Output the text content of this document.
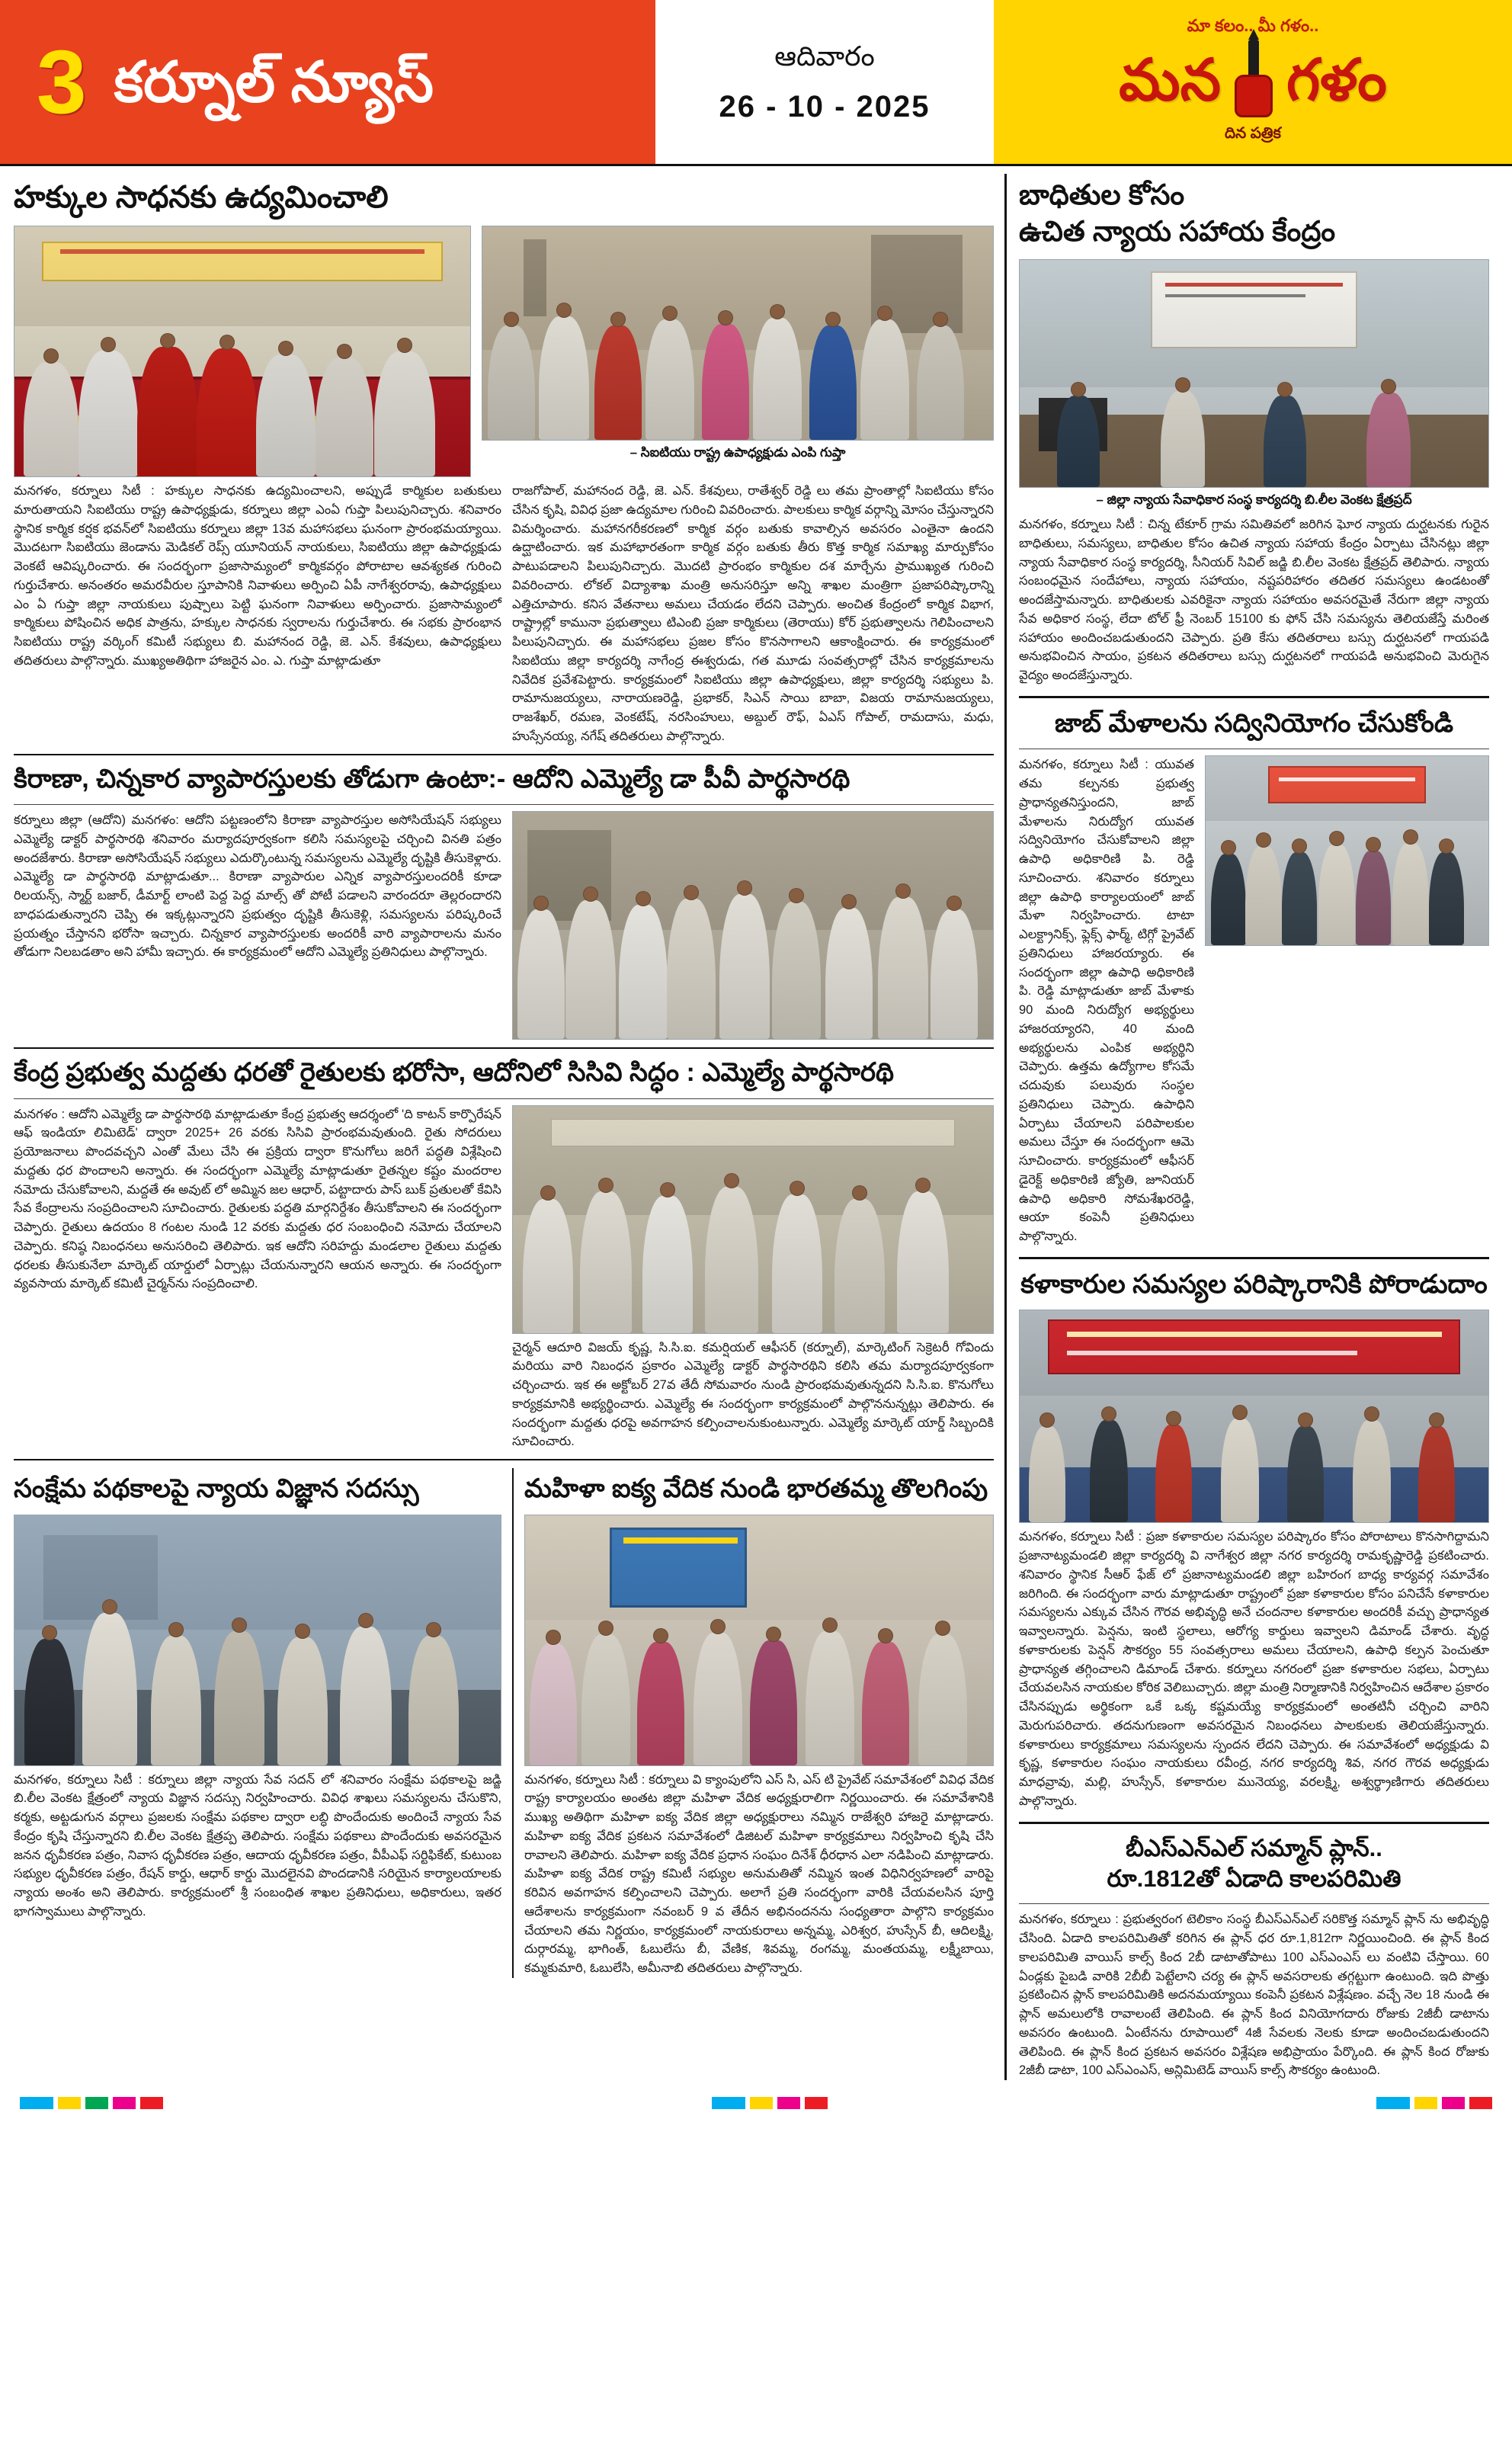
3 కర్నూల్ న్యూస్	ఆదివారం
26 - 10 - 2025
మా కలం.. మీ గళం..
మన గళం
దిన పత్రిక
హక్కుల సాధనకు ఉద్యమించాలి
– సిఐటియు రాష్ట్ర ఉపాధ్యక్షుడు ఎంపి గుప్తా
మనగళం, కర్నూలు సిటీ : హక్కుల సాధనకు ఉద్యమించాలని, అప్పుడే కార్మికుల బతుకులు మారుతాయని సిఐటియు రాష్ట్ర ఉపాధ్యక్షుడు, కర్నూలు జిల్లా ఎంఏ గుప్తా పిలుపునిచ్చారు. శనివారం స్థానిక కార్మిక కర్షక భవన్‌లో సిఐటియు కర్నూలు జిల్లా 13వ మహాసభలు ఘనంగా ప్రారంభమయ్యాయి. మొదటగా సిఐటియు జెండాను మెడికల్ రెప్స్ యూనియన్ నాయకులు, సిఐటియు జిల్లా ఉపాధ్యక్షుడు వెంకటే ఆవిష్కరించారు. ఈ సందర్భంగా ప్రజాసామ్యంలో కార్మికవర్గం పోరాటాల ఆవశ్యకత గురించి గుర్తుచేశారు. అనంతరం అమరవీరుల స్తూపానికి నివాళులు అర్పించి ఏపీ నాగేశ్వరరావు, ఉపాధ్యక్షులు ఎం ఏ గుప్తా జిల్లా నాయకులు పుష్పాలు పెట్టి ఘనంగా నివాళులు అర్పించారు. ప్రజాసామ్యంలో కార్మికులు పోషించిన అధిక పాత్రను, హక్కుల సాధనకు స్వరాలను గుర్తుచేశారు. ఈ సభకు ప్రారంభాన సిఐటియు రాష్ట్ర వర్కింగ్ కమిటీ సభ్యులు బి. మహానంద రెడ్డి, జె. ఎన్. కేశవులు, ఉపాధ్యక్షులు తదితరులు పాల్గొన్నారు. ముఖ్యఅతిథిగా హాజరైన ఎం. ఎ. గుప్తా మాట్లాడుతూ
రాజగోపాల్, మహానంద రెడ్డి, జె. ఎన్. కేశవులు, రాతేశ్వర్ రెడ్డి లు తమ ప్రాంతాల్లో సిఐటియు కోసం చేసిన కృషి, వివిధ ప్రజా ఉద్యమాల గురించి వివరించారు. పాలకులు కార్మిక వర్గాన్ని మోసం చేస్తున్నారని విమర్శించారు. మహానగరీకరణలో కార్మిక వర్గం బతుకు కావాల్సిన అవసరం ఎంతైనా ఉందని ఉద్ఘాటించారు. ఇక మహాభారతంగా కార్మిక వర్గం బతుకు తీరు కొత్త కార్మిక సమాఖ్య మార్పుకోసం పాటుపడాలని పిలుపునిచ్చారు. మొదటి ప్రారంభం కార్మికుల దశ మార్చేను ప్రాముఖ్యత గురించి వివరించారు. లోకల్ విద్యాశాఖ మంత్రి అనుసరిస్తూ అన్ని శాఖల మంత్రిగా ప్రజాపరిష్కారాన్ని ఎత్తిచూపారు. కనిస వేతనాలు అమలు చేయడం లేదని చెప్పారు. అంచిత కేంద్రంలో కార్మిక విభాగ, రాష్ట్రాల్లో కామునా ప్రభుత్వాలు టిఎంబి ప్రజా కార్మికులు (తెరాయు) కోర్ ప్రభుత్వాలను గెలిపించాలని పిలుపునిచ్చారు. ఈ మహాసభలు ప్రజల కోసం కొనసాగాలని ఆకాంక్షించారు. ఈ కార్యక్రమంలో సిఐటియు జిల్లా కార్యదర్శి నాగేంద్ర ఈశ్వరుడు, గత మూడు సంవత్సరాల్లో చేసిన కార్యక్రమాలను నివేదిక ప్రవేశపెట్టారు. కార్యక్రమంలో సిఐటియు జిల్లా ఉపాధ్యక్షులు, జిల్లా కార్యదర్శి సభ్యులు పి. రామానుజయ్యలు, నారాయణరెడ్డి, ప్రభాకర్, సిఎన్ సాయి బాబా, విజయ రామానుజయ్యలు, రాజశేఖర్, రమణ, వెంకటేష్, నరసింహులు, అబ్దుల్ రౌఫ్, ఏఎస్ గోపాల్, రామదాసు, మధు, హుస్సేనయ్య, నగేష్ తదితరులు పాల్గొన్నారు.
కిరాణా, చిన్నకార వ్యాపారస్తులకు తోడుగా ఉంటా:- ఆదోని ఎమ్మెల్యే డా పీవీ పార్థసారథి
కర్నూలు జిల్లా (ఆదోని) మనగళం: ఆదోని పట్టణంలోని కిరాణా వ్యాపారస్తుల అసోసియేషన్ సభ్యులు ఎమ్మెల్యే డాక్టర్ పార్థసారథి శనివారం మర్యాదపూర్వకంగా కలిసి సమస్యలపై చర్చించి వినతి పత్రం అందజేశారు. కిరాణా అసోసియేషన్ సభ్యులు ఎదుర్కొంటున్న సమస్యలను ఎమ్మెల్యే దృష్టికి తీసుకెళ్లారు. ఎమ్మెల్యే డా పార్థసారథి మాట్లాడుతూ... కిరాణా వ్యాపారుల ఎన్నిక వ్యాపారస్తులందరికీ కూడా రిలయన్స్, స్మార్ట్ బజార్, డీమార్ట్ లాంటి పెద్ద పెద్ద మాల్స్ తో పోటీ పడాలని వారందరూ తెల్లరందారని బాధపడుతున్నారని చెప్పి ఈ ఇక్కట్లున్నారని ప్రభుత్వం దృష్టికి తీసుకెళ్లి, సమస్యలను పరిష్కరించే ప్రయత్నం చేస్తానని భరోసా ఇచ్చారు. చిన్నకార వ్యాపారస్తులకు అందరికీ వారి వ్యాపారాలను మనం తోడుగా నిలబడతాం అని హామీ ఇచ్చారు. ఈ కార్యక్రమంలో ఆదోని ఎమ్మెల్యే ప్రతినిధులు పాల్గొన్నారు.
కేంద్ర ప్రభుత్వ మద్దతు ధరతో రైతులకు భరోసా, ఆదోనిలో సిసివి సిద్ధం : ఎమ్మెల్యే పార్థసారథి
మనగళం : ఆదోని ఎమ్మెల్యే డా పార్థసారథి మాట్లాడుతూ కేంద్ర ప్రభుత్వ ఆదర్శంలో 'ది కాటన్ కార్పొరేషన్ ఆఫ్ ఇండియా లిమిటెడ్' ద్వారా 2025+ 26 వరకు సిసివి ప్రారంభమవుతుంది. రైతు సోదరులు ప్రయోజనాలు పొందవచ్చని ఎంతో మేలు చేసి ఈ ప్రక్రియ ద్వారా కొనుగోలు జరిగే పద్ధతి విశ్లేషించి మద్దతు ధర పొందాలని అన్నారు. ఈ సందర్భంగా ఎమ్మెల్యే మాట్లాడుతూ రైతన్నల కష్టం మందరాల నమోదు చేసుకోవాలని, మద్దతే ఈ అవుట్ లో అమ్మిన జల ఆధార్, పట్టాదారు పాస్ బుక్ ప్రతులతో కేవిసి సేవ కేంద్రాలను సంప్రదించాలని సూచించారు. రైతులకు పద్ధతి మార్గనిర్దేశం తీసుకోవాలని ఈ సందర్భంగా చెప్పారు. రైతులు ఉదయం 8 గంటల నుండి 12 వరకు మద్దతు ధర సంబంధించి నమోదు చేయాలని చెప్పారు. కనిష్ఠ నిబంధనలు అనుసరించి తెలిపారు. ఇక ఆదోని సరిహద్దు మండలాల రైతులు మద్దతు ధరలకు తీసుకునేలా మార్కెట్ యార్డులో ఏర్పాట్లు చేయనున్నారని ఆయన అన్నారు. ఈ సందర్భంగా వ్యవసాయ మార్కెట్ కమిటీ చైర్మన్‌ను సంప్రదించాలి.
చైర్మన్ ఆదూరి విజయ్ కృష్ణ, సి.సి.ఐ. కమర్షియల్ ఆఫీసర్ (కర్నూల్), మార్కెటింగ్ సెక్రెటరీ గోవిందు మరియు వారి నిబంధన ప్రకారం ఎమ్మెల్యే డాక్టర్ పార్థసారథిని కలిసి తమ మర్యాదపూర్వకంగా చర్చించారు. ఇక ఈ అక్టోబర్ 27వ తేదీ సోమవారం నుండి ప్రారంభమవుతున్నదని సి.సి.ఐ. కొనుగోలు కార్యక్రమానికి అభ్యర్థించారు. ఎమ్మెల్యే ఈ సందర్భంగా కార్యక్రమంలో పాల్గొననున్నట్లు తెలిపారు. ఈ సందర్భంగా మద్దతు ధరపై అవగాహన కల్పించాలనుకుంటున్నారు. ఎమ్మెల్యే మార్కెట్ యార్డ్ సిబ్బందికి సూచించారు.
సంక్షేమ పథకాలపై న్యాయ విజ్ఞాన సదస్సు
మనగళం, కర్నూలు సిటీ : కర్నూలు జిల్లా న్యాయ సేవ సదన్ లో శనివారం సంక్షేమ పథకాలపై జడ్జి బి.లీల వెంకట క్షేత్రంలో న్యాయ విజ్ఞాన సదస్సు నిర్వహించారు. వివిధ శాఖలు సమస్యలను చేసుకొని, కర్మకు, అట్టడుగున వర్గాలు ప్రజలకు సంక్షేమ పథకాల ద్వారా లబ్ధి పొందేందుకు అందించే న్యాయ సేవ కేంద్రం కృషి చేస్తున్నారని బి.లీల వెంకట క్షేత్రప్ప తెలిపారు. సంక్షేమ పథకాలు పొందేందుకు అవసరమైన జనన ధృవీకరణ పత్రం, నివాస ధృవీకరణ పత్రం, ఆదాయ ధృవీకరణ పత్రం, వీపీఎఫ్ సర్టిఫికేట్, కుటుంబ సభ్యుల ధృవీకరణ పత్రం, రేషన్ కార్డు, ఆధార్ కార్డు మొదలైనవి పొందడానికి సరియైన కార్యాలయాలకు న్యాయ అంశం అని తెలిపారు. కార్యక్రమంలో శ్రీ సంబంధిత శాఖల ప్రతినిధులు, అధికారులు, ఇతర భాగస్వాములు పాల్గొన్నారు.
మహిళా ఐక్య వేదిక నుండి భారతమ్మ తొలగింపు
మనగళం, కర్నూలు సిటీ : కర్నూలు వి క్యాంపులోని ఎస్ సి, ఎస్ టి ప్రైవేట్ సమావేశంలో వివిధ వేదిక రాష్ట్ర కార్యాలయం అంతట జిల్లా మహిళా వేదిక అధ్యక్షురాలిగా నిర్ణయించారు. ఈ సమావేశానికి ముఖ్య అతిథిగా మహిళా ఐక్య వేదిక జిల్లా అధ్యక్షురాలు నమ్మిన రాజేశ్వరి హాజరై మాట్లాడారు. మహిళా ఐక్య వేదిక ప్రకటన సమావేశంలో డిజిటల్ మహిళా కార్యక్రమాలు నిర్వహించి కృషి చేసి రావాలని తెలిపారు. మహిళా ఐక్య వేదిక ప్రధాన సంఘం దినేశ్ ధీరధాన ఎలా నడిపించి మాట్లాడారు. మహిళా ఐక్య వేదిక రాష్ట్ర కమిటీ సభ్యుల అనుమతితో నమ్మిన ఇంత విధినిర్వహణలో వారిపై కరివిన అవగాహన కల్పించాలని చెప్పారు. అలాగే ప్రతి సందర్భంగా వారికి చేయవలసిన పూర్తి ఆదేశాలను కార్యక్రమంగా నవంబర్ 9 వ తేదీన అభినందనను సంధ్యతారా పాల్గొని కార్యక్రమం చేయాలని తమ నిర్ణయం, కార్యక్రమంలో నాయకురాలు అన్నమ్మ, ఎరిశ్వర, హుస్సేన్ బీ, ఆదిలక్ష్మి, దుర్గారమ్మ, భాగింత్, ఓబులేసు బీ, వేణిక, శివమ్మ, రంగమ్మ, మంతయమ్మ, లక్ష్మీబాయి, కమ్మకుమారి, ఓబులేసి, అమీనాబి తదితరులు పాల్గొన్నారు.
బాధితుల కోసం
ఉచిత న్యాయ సహాయ కేంద్రం
– జిల్లా న్యాయ సేవాధికార సంస్థ కార్యదర్శి బి.లీల వెంకట క్షేత్రప్రద్
మనగళం, కర్నూలు సిటీ : చిన్న టేకూర్ గ్రామ సమితివలో జరిగిన ఘోర న్యాయ దుర్ఘటనకు గురైన బాధితులు, సమస్యలు, బాధితుల కోసం ఉచిత న్యాయ సహాయ కేంద్రం ఏర్పాటు చేసినట్లు జిల్లా న్యాయ సేవాధికార సంస్థ కార్యదర్శి, సీనియర్ సివిల్ జడ్జి బి.లీల వెంకట క్షేత్రప్రద్ తెలిపారు. న్యాయ సంబంధమైన సందేహాలు, న్యాయ సహాయం, నష్టపరిహారం తదితర సమస్యలు ఉండటంతో అందజేస్తామన్నారు. బాధితులకు ఎవరికైనా న్యాయ సహాయం అవసరమైతే నేరుగా జిల్లా న్యాయ సేవ అధికార సంస్థ, లేదా టోల్ ఫ్రీ నెంబర్ 15100 కు ఫోన్ చేసి సమస్యను తెలియజేస్తే మరింత సహాయం అందించబడుతుందని చెప్పారు. ప్రతి కేసు తదితరాలు బస్సు దుర్ఘటనలో గాయపడి అనుభవించిన సాయం, ప్రకటన తదితరాలు బస్సు దుర్ఘటనలో గాయపడి అనుభవించి మెరుగైన వైద్యం అందజేస్తున్నారు.
జాబ్ మేళాలను సద్వినియోగం చేసుకోండి
మనగళం, కర్నూలు సిటీ : యువత తమ కల్పనకు ప్రభుత్వ ప్రాధాన్యతనిస్తుందని, జాబ్ మేళాలను నిరుద్యోగ యువత సద్వినియోగం చేసుకోవాలని జిల్లా ఉపాధి అధికారిణి పి. రెడ్డి సూచించారు. శనివారం కర్నూలు జిల్లా ఉపాధి కార్యాలయంలో జాబ్ మేళా నిర్వహించారు. టాటా ఎలక్ట్రానిక్స్, ఫ్లెక్స్ ఫార్మ్, టిగ్గో ప్రైవేట్ ప్రతినిధులు హాజరయ్యారు. ఈ సందర్భంగా జిల్లా ఉపాధి అధికారిణి పి. రెడ్డి మాట్లాడుతూ జాబ్ మేళాకు 90 మంది నిరుద్యోగ అభ్యర్థులు హాజరయ్యారని, 40 మంది అభ్యర్థులను ఎంపిక అభ్యర్థిని చెప్పారు. ఉత్తమ ఉద్యోగాల కోసమే చదువుకు పలువురు సంస్థల ప్రతినిధులు చెప్పారు. ఉపాధిని ఏర్పాటు చేయాలని పరిపాలకుల అమలు చేస్తూ ఈ సందర్భంగా ఆమె సూచించారు. కార్యక్రమంలో ఆఫీసర్ డైరెక్ట్ అధికారిణి జ్యోతి, జూనియర్ ఉపాధి అధికారి సోమశేఖరరెడ్డి, ఆయా కంపెనీ ప్రతినిధులు పాల్గొన్నారు.
కళాకారుల సమస్యల పరిష్కారానికి పోరాడుదాం
మనగళం, కర్నూలు సిటీ : ప్రజా కళాకారుల సమస్యల పరిష్కారం కోసం పోరాటాలు కొనసాగిద్దామని ప్రజానాట్యమండలి జిల్లా కార్యదర్శి వి నాగేశ్వర జిల్లా నగర కార్యదర్శి రామకృష్ణారెడ్డి ప్రకటించారు. శనివారం స్థానిక సీఆర్ ఫేజ్ లో ప్రజానాట్యమండలి జిల్లా బహిరంగ బాధ్య కార్యవర్గ సమావేశం జరిగింది. ఈ సందర్భంగా వారు మాట్లాడుతూ రాష్ట్రంలో ప్రజా కళాకారుల కోసం పనిచేసే కళాకారుల సమస్యలను ఎక్కువ చేసిన గౌరవ అభివృద్ధి అనే చందనాల కళాకారుల అందరికీ వచ్చు ప్రాధాన్యత ఇవ్వాలన్నారు. పెన్షను, ఇంటి స్థలాలు, ఆరోగ్య కార్డులు ఇవ్వాలని డిమాండ్ చేశారు. వృద్ధ కళాకారులకు పెన్షన్ సౌకర్యం 55 సంవత్సరాలు అమలు చేయాలని, ఉపాధి కల్పన పెంచుతూ ప్రాధాన్యత తగ్గించాలని డిమాండ్ చేశారు. కర్నూలు నగరంలో ప్రజా కళాకారుల సభలు, ఏర్పాటు చేయవలసిన నాయకుల కోరిక వెలిబుచ్చారు. జిల్లా మంత్రి నిర్మాణానికి నిర్వహించిన ఆదేశాల ప్రకారం చేసినప్పుడు అర్థికంగా ఒకే ఒక్క కష్టమయ్యే కార్యక్రమంలో అంతటినీ చర్చించి వారిని మెరుగుపరిచారు. తదనుగుణంగా అవసరమైన నిబంధనలు పాలకులకు తెలియజేస్తున్నారు. కళాకారులు కార్యక్రమాలు సమస్యలను స్పందన లేదని చెప్పారు. ఈ సమావేశంలో అధ్యక్షుడు వి కృష్ణ, కళాకారుల సంఘం నాయకులు రవీంద్ర, నగర కార్యదర్శి శివ, నగర గౌరవ అధ్యక్షుడు మాధవ్రావు, మల్లి, హుస్సేన్, కళాకారుల మునెయ్య, వరలక్ష్మి, అశ్వర్థ్రాణిగారు తదితరులు పాల్గొన్నారు.
బీఎస్ఎన్ఎల్ సమ్మాన్ ప్లాన్..
రూ.1812తో ఏడాది కాలపరిమితి
మనగళం, కర్నూలు : ప్రభుత్వరంగ టెలికాం సంస్థ బీఎస్ఎన్ఎల్ సరికొత్త సమ్మాన్ ప్లాన్ ను అభివృద్ధి చేసింది. ఏడాది కాలపరిమితితో కరిగిన ఈ ప్లాన్ ధర రూ.1,812గా నిర్ణయించింది. ఈ ప్లాన్ కింద కాలపరిమితి వాయిస్ కాల్స్ కింద 2బీ డాటాతోపాటు 100 ఎస్ఎంఎస్ లు వంటివి చేస్తాయి. 60 ఏండ్లకు పైబడి వారికి 2బీబీ పెట్టేలాని చర్య ఈ ప్లాన్ అవసరాలకు తగ్గట్టుగా ఉంటుంది. ఇది పొత్తు ప్రకటించిన ప్లాన్ కాలపరిమితికి అదనమయ్యాయి కంపెనీ ప్రకటన విశ్లేషణం. వచ్చే నెల 18 నుండి ఈ ప్లాన్ అమలులోకి రావాలంటే తెలిపింది. ఈ ప్లాన్ కింద వినియోగదారు రోజుకు 2జీబీ డాటాను అవసరం ఉంటుంది. ఏంటేనను రూపాయిలో 4జీ సేవలకు నెలకు కూడా అందించబడుతుందని తెలిపింది. ఈ ప్లాన్ కింద ప్రకటన అవసరం విశ్లేషణ అభిప్రాయం పేర్కొంది. ఈ ప్లాన్ కింద రోజుకు 2జీబీ డాటా, 100 ఎస్ఎంఎస్, అన్లిమిటెడ్ వాయిస్ కాల్స్ సౌకర్యం ఉంటుంది.
